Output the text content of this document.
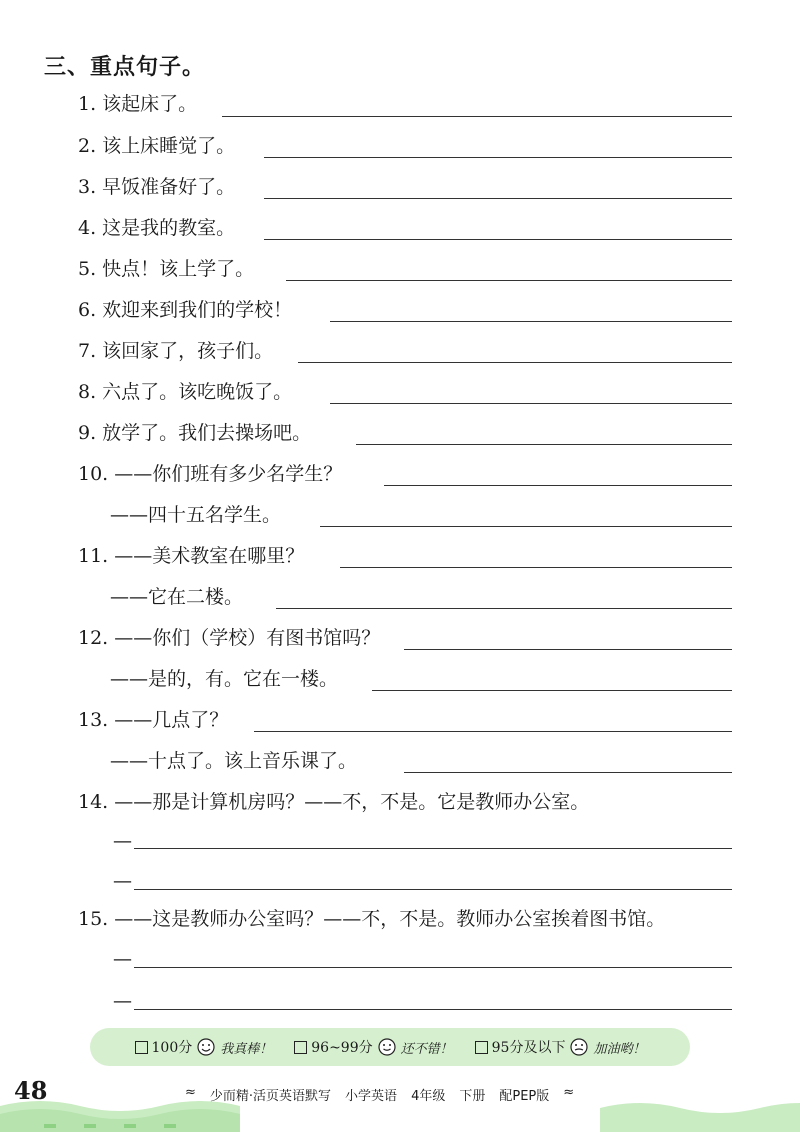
三、重点句子。
1. 该起床了。
2. 该上床睡觉了。
3. 早饭准备好了。
4. 这是我的教室。
5. 快点！该上学了。
6. 欢迎来到我们的学校！
7. 该回家了，孩子们。
8. 六点了。该吃晚饭了。
9. 放学了。我们去操场吧。
10. ——你们班有多少名学生？
——四十五名学生。
11. ——美术教室在哪里？
——它在二楼。
12. ——你们（学校）有图书馆吗？
——是的，有。它在一楼。
13. ——几点了？
——十点了。该上音乐课了。
14. ——那是计算机房吗？——不，不是。它是教师办公室。
—
—
15. ——这是教师办公室吗？——不，不是。教师办公室挨着图书馆。
—
—
100分 我真棒！	96~99分 还不错！	95分及以下 加油哟！
48	≈ 少而精·活页英语默写 小学英语 4年级 下册 配PEP版 ≈
